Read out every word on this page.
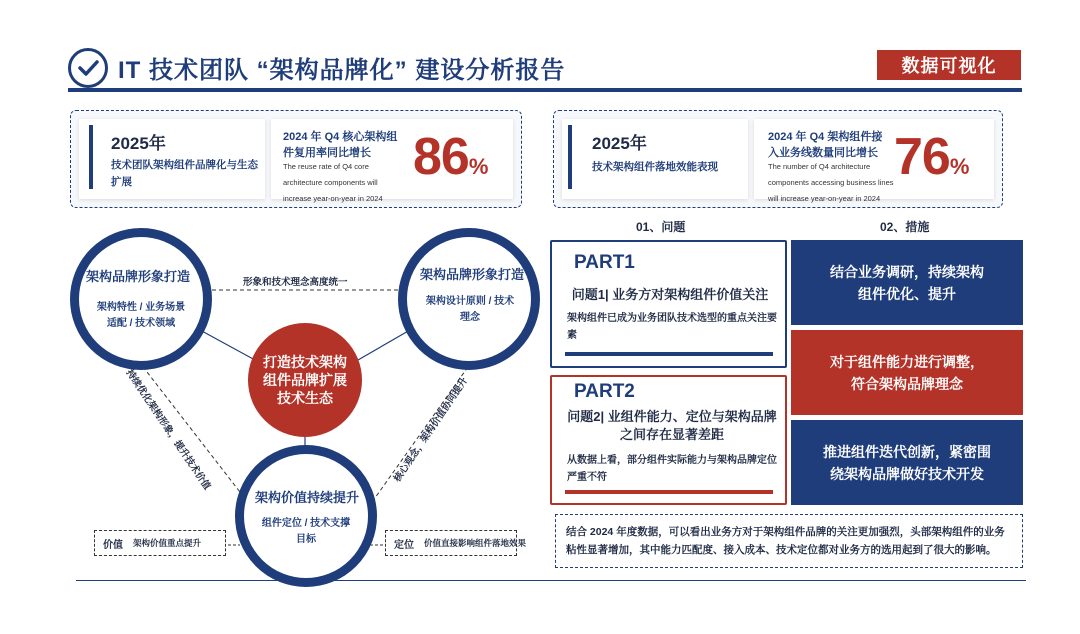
IT 技术团队 “架构品牌化” 建设分析报告	数据可视化
2025年
技术团队架构组件品牌化与生态扩展
2024 年 Q4 核心架构组件复用率同比增长
The reuse rate of Q4 core architecture components will increase year-on-year in 2024
86%
2025年
技术架构组件落地效能表现
2024 年 Q4 架构组件接入业务线数量同比增长
The number of Q4 architecture components accessing business lines will increase year-on-year in 2024
76%
架构品牌形象打造
架构特性 / 业务场景适配 / 技术领域
架构品牌形象打造
架构设计原则 / 技术理念
架构价值持续提升
组件定位 / 技术支撑目标
打造技术架构组件品牌扩展技术生态
形象和技术理念高度统一
持续优化架构形象，提升技术价值	核心观念，架构价值协同提升
价值 架构价值重点提升	定位 价值直接影响组件落地效果
01、问题	02、措施
PART1
问题1| 业务方对架构组件价值关注
架构组件已成为业务团队技术选型的重点关注要素
PART2
问题2| 业组件能力、定位与架构品牌之间存在显著差距
从数据上看，部分组件实际能力与架构品牌定位严重不符
结合业务调研，持续架构组件优化、提升
对于组件能力进行调整，符合架构品牌理念
推进组件迭代创新，紧密围绕架构品牌做好技术开发
结合 2024 年度数据，可以看出业务方对于架构组件品牌的关注更加强烈，头部架构组件的业务粘性显著增加，其中能力匹配度、接入成本、技术定位都对业务方的选用起到了很大的影响。
